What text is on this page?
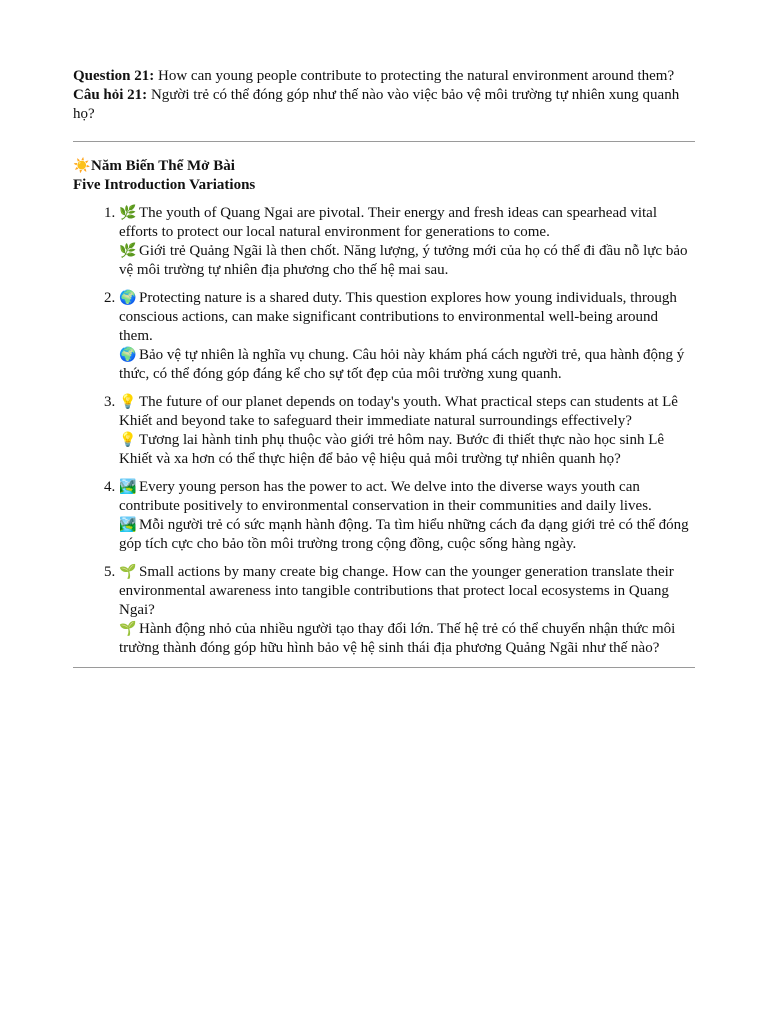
Question 21: How can young people contribute to protecting the natural environment around them?

Câu hỏi 21: Người trẻ có thể đóng góp như thế nào vào việc bảo vệ môi trường tự nhiên xung quanh họ?

☀️Năm Biến Thể Mở Bài
Five Introduction Variations

1. 🌿 The youth of Quang Ngai are pivotal. Their energy and fresh ideas can spearhead vital efforts to protect our local natural environment for generations to come.

🌿 Giới trẻ Quảng Ngãi là then chốt. Năng lượng, ý tưởng mới của họ có thể đi đầu nỗ lực bảo vệ môi trường tự nhiên địa phương cho thế hệ mai sau.

2. 🌍 Protecting nature is a shared duty. This question explores how young individuals, through conscious actions, can make significant contributions to environmental well-being around them.

🌍 Bảo vệ tự nhiên là nghĩa vụ chung. Câu hỏi này khám phá cách người trẻ, qua hành động ý thức, có thể đóng góp đáng kể cho sự tốt đẹp của môi trường xung quanh.

3. 💡 The future of our planet depends on today's youth. What practical steps can students at Lê Khiết and beyond take to safeguard their immediate natural surroundings effectively?

💡 Tương lai hành tinh phụ thuộc vào giới trẻ hôm nay. Bước đi thiết thực nào học sinh Lê Khiết và xa hơn có thể thực hiện để bảo vệ hiệu quả môi trường tự nhiên quanh họ?

4. 🏞️ Every young person has the power to act. We delve into the diverse ways youth can contribute positively to environmental conservation in their communities and daily lives.

🏞️ Mỗi người trẻ có sức mạnh hành động. Ta tìm hiểu những cách đa dạng giới trẻ có thể đóng góp tích cực cho bảo tồn môi trường trong cộng đồng, cuộc sống hàng ngày.

5. 🌱 Small actions by many create big change. How can the younger generation translate their environmental awareness into tangible contributions that protect local ecosystems in Quang Ngai?

🌱 Hành động nhỏ của nhiều người tạo thay đổi lớn. Thế hệ trẻ có thể chuyển nhận thức môi trường thành đóng góp hữu hình bảo vệ hệ sinh thái địa phương Quảng Ngãi như thế nào?
